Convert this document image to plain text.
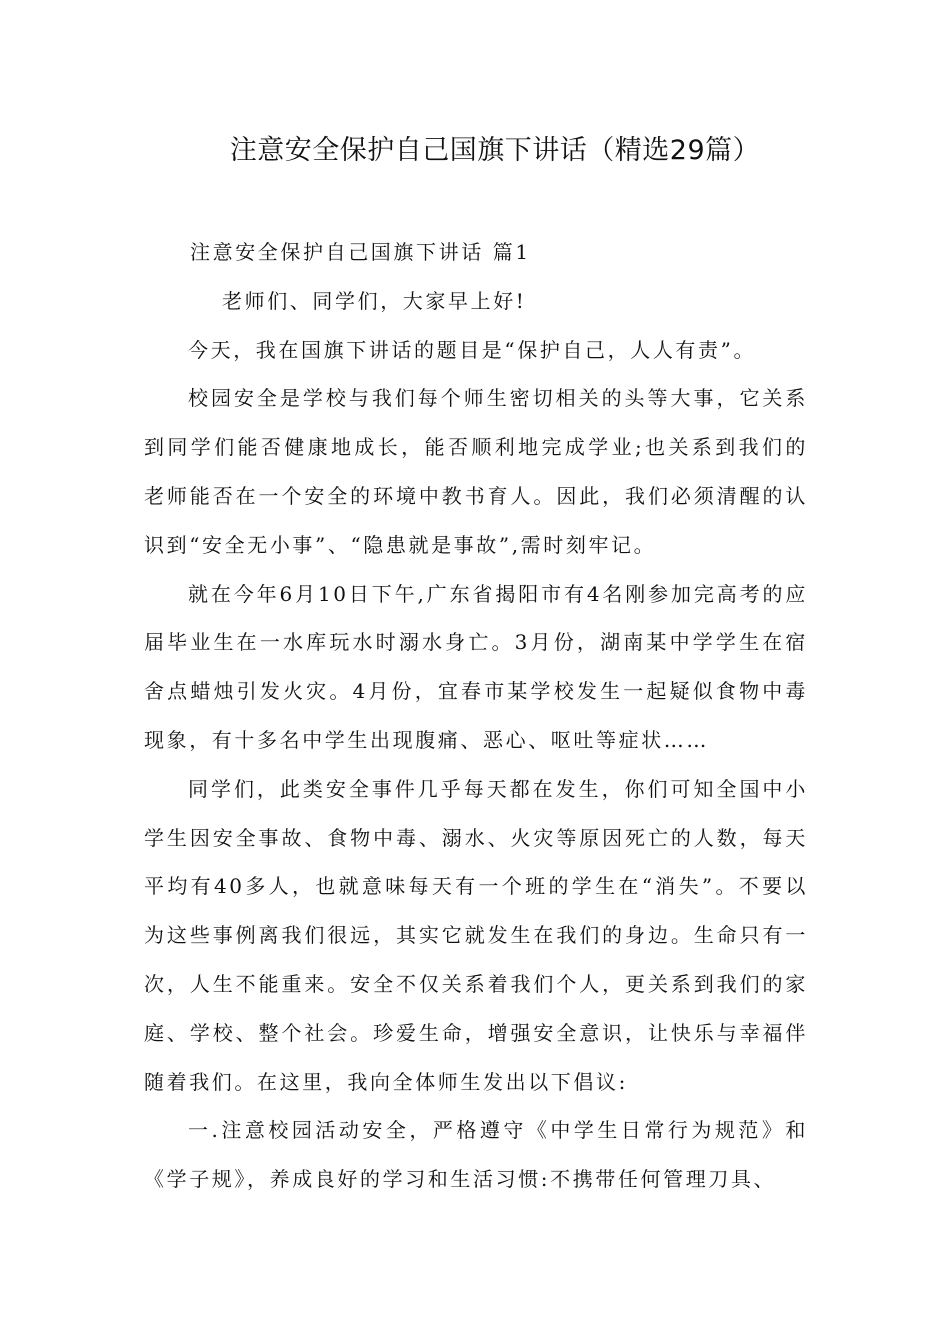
注意安全保护自己国旗下讲话（精选29篇）

注意安全保护自己国旗下讲话 篇1

老师们、同学们，大家早上好!

今天，我在国旗下讲话的题目是“保护自己，人人有责”。

校园安全是学校与我们每个师生密切相关的头等大事，它关系到同学们能否健康地成长，能否顺利地完成学业;也关系到我们的老师能否在一个安全的环境中教书育人。因此，我们必须清醒的认识到“安全无小事”、“隐患就是事故”,需时刻牢记。

就在今年6月10日下午,广东省揭阳市有4名刚参加完高考的应届毕业生在一水库玩水时溺水身亡。3月份，湖南某中学学生在宿舍点蜡烛引发火灾。4月份，宜春市某学校发生一起疑似食物中毒现象，有十多名中学生出现腹痛、恶心、呕吐等症状……

同学们，此类安全事件几乎每天都在发生，你们可知全国中小学生因安全事故、食物中毒、溺水、火灾等原因死亡的人数，每天平均有40多人，也就意味每天有一个班的学生在“消失”。不要以为这些事例离我们很远，其实它就发生在我们的身边。生命只有一次，人生不能重来。安全不仅关系着我们个人，更关系到我们的家庭、学校、整个社会。珍爱生命，增强安全意识，让快乐与幸福伴随着我们。在这里，我向全体师生发出以下倡议:

一.注意校园活动安全，严格遵守《中学生日常行为规范》和《学子规》，养成良好的学习和生活习惯:不携带任何管理刀具、
